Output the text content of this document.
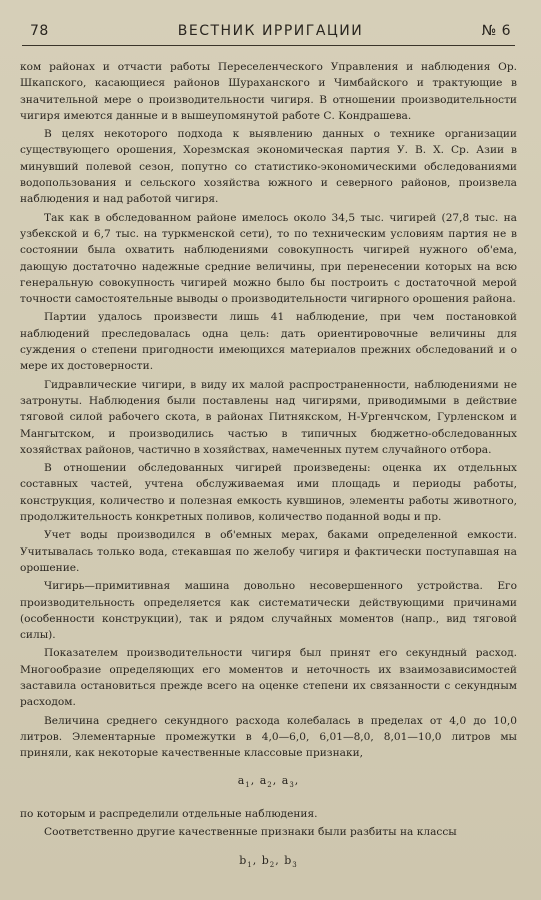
78	ВЕСТНИК ИРРИГАЦИИ	№ 6

ком районах и отчасти работы Переселенческого Управления и наблюдения Ор. Шкапского, касающиеся районов Шураханского и Чимбайского и трактующие в значительной мере о производительности чигиря. В отношении производительности чигиря имеются данные и в вышеупомянутой работе С. Кондрашева.

В целях некоторого подхода к выявлению данных о технике организации существующего орошения, Хорезмская экономическая партия У. В. Х. Ср. Азии в минувший полевой сезон, попутно со статистико-экономическими обследованиями водопользования и сельского хозяйства южного и северного районов, произвела наблюдения и над работой чигиря.

Так как в обследованном районе имелось около 34,5 тыс. чигирей (27,8 тыс. на узбекской и 6,7 тыс. на туркменской сети), то по техническим условиям партия не в состоянии была охватить наблюдениями совокупность чигирей нужного об'ема, дающую достаточно надежные средние величины, при перенесении которых на всю генеральную совокупность чигирей можно было бы построить с достаточной мерой точности самостоятельные выводы о производительности чигирного орошения района.

Партии удалось произвести лишь 41 наблюдение, при чем постановкой наблюдений преследовалась одна цель: дать ориентировочные величины для суждения о степени пригодности имеющихся материалов прежних обследований и о мере их достоверности.

Гидравлические чигири, в виду их малой распространенности, наблюдениями не затронуты. Наблюдения были поставлены над чигирями, приводимыми в действие тяговой силой рабочего скота, в районах Питнякском, Н-Ургенчском, Гурленском и Мангытском, и производились частью в типичных бюджетно-обследованных хозяйствах районов, частично в хозяйствах, намеченных путем случайного отбора.

В отношении обследованных чигирей произведены: оценка их отдельных составных частей, учтена обслуживаемая ими площадь и периоды работы, конструкция, количество и полезная емкость кувшинов, элементы работы животного, продолжительность конкретных поливов, количество поданной воды и пр.

Учет воды производился в об'емных мерах, баками определенной емкости. Учитывалась только вода, стекавшая по желобу чигиря и фактически поступавшая на орошение.

Чигирь—примитивная машина довольно несовершенного устройства. Его производительность определяется как систематически действующими причинами (особенности конструкции), так и рядом случайных моментов (напр., вид тяговой силы).

Показателем производительности чигиря был принят его секундный расход. Многообразие определяющих его моментов и неточность их взаимозависимостей заставила остановиться прежде всего на оценке степени их связанности с секундным расходом.

Величина среднего секундного расхода колебалась в пределах от 4,0 до 10,0 литров. Элементарные промежутки в 4,0—6,0, 6,01—8,0, 8,01—10,0 литров мы приняли, как некоторые качественные классовые признаки,

$a_1$, $a_2$, $a_3$,

по которым и распределили отдельные наблюдения.

Соответственно другие качественные признаки были разбиты на классы

$b_1$, $b_2$, $b_3$
